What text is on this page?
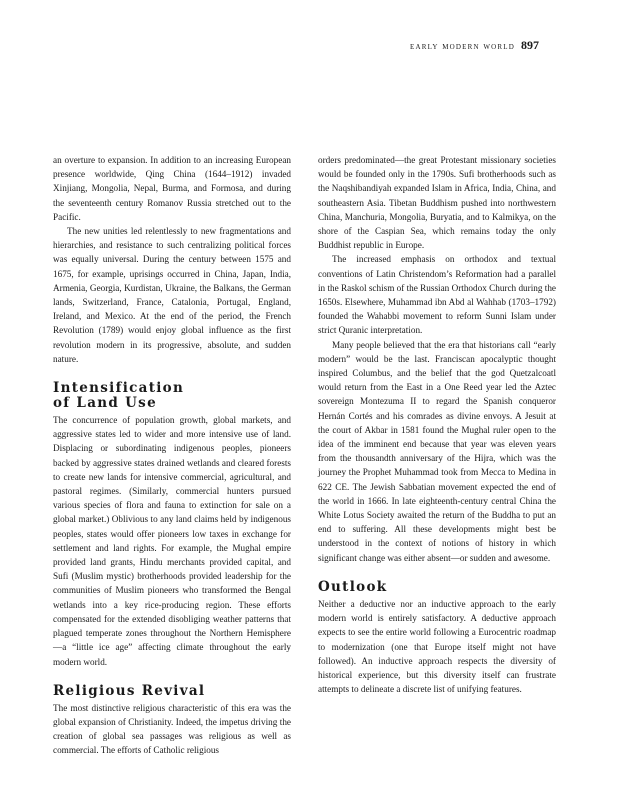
early modern world 897

an overture to expansion. In addition to an increasing European presence worldwide, Qing China (1644–1912) invaded Xinjiang, Mongolia, Nepal, Burma, and Formosa, and during the seventeenth century Romanov Russia stretched out to the Pacific.

The new unities led relentlessly to new fragmentations and hierarchies, and resistance to such centralizing political forces was equally universal. During the century between 1575 and 1675, for example, uprisings occurred in China, Japan, India, Armenia, Georgia, Kurdistan, Ukraine, the Balkans, the German lands, Switzerland, France, Catalonia, Portugal, England, Ireland, and Mexico. At the end of the period, the French Revolution (1789) would enjoy global influence as the first revolution modern in its progressive, absolute, and sudden nature.

Intensification of Land Use

The concurrence of population growth, global markets, and aggressive states led to wider and more intensive use of land. Displacing or subordinating indigenous peoples, pioneers backed by aggressive states drained wetlands and cleared forests to create new lands for intensive commercial, agricultural, and pastoral regimes. (Similarly, commercial hunters pursued various species of flora and fauna to extinction for sale on a global market.) Oblivious to any land claims held by indigenous peoples, states would offer pioneers low taxes in exchange for settlement and land rights. For example, the Mughal empire provided land grants, Hindu merchants provided capital, and Sufi (Muslim mystic) brotherhoods provided leadership for the communities of Muslim pioneers who transformed the Bengal wetlands into a key rice-producing region. These efforts compensated for the extended disobliging weather patterns that plagued temperate zones throughout the Northern Hemisphere—a “little ice age” affecting climate throughout the early modern world.

Religious Revival

The most distinctive religious characteristic of this era was the global expansion of Christianity. Indeed, the impetus driving the creation of global sea passages was religious as well as commercial. The efforts of Catholic religious

orders predominated—the great Protestant missionary societies would be founded only in the 1790s. Sufi brotherhoods such as the Naqshibandiyah expanded Islam in Africa, India, China, and southeastern Asia. Tibetan Buddhism pushed into northwestern China, Manchuria, Mongolia, Buryatia, and to Kalmikya, on the shore of the Caspian Sea, which remains today the only Buddhist republic in Europe.

The increased emphasis on orthodox and textual conventions of Latin Christendom’s Reformation had a parallel in the Raskol schism of the Russian Orthodox Church during the 1650s. Elsewhere, Muhammad ibn Abd al Wahhab (1703–1792) founded the Wahabbi movement to reform Sunni Islam under strict Quranic interpretation.

Many people believed that the era that historians call “early modern” would be the last. Franciscan apocalyptic thought inspired Columbus, and the belief that the god Quetzalcoatl would return from the East in a One Reed year led the Aztec sovereign Montezuma II to regard the Spanish conqueror Hernán Cortés and his comrades as divine envoys. A Jesuit at the court of Akbar in 1581 found the Mughal ruler open to the idea of the imminent end because that year was eleven years from the thousandth anniversary of the Hijra, which was the journey the Prophet Muhammad took from Mecca to Medina in 622 CE. The Jewish Sabbatian movement expected the end of the world in 1666. In late eighteenth-century central China the White Lotus Society awaited the return of the Buddha to put an end to suffering. All these developments might best be understood in the context of notions of history in which significant change was either absent—or sudden and awesome.

Outlook

Neither a deductive nor an inductive approach to the early modern world is entirely satisfactory. A deductive approach expects to see the entire world following a Eurocentric roadmap to modernization (one that Europe itself might not have followed). An inductive approach respects the diversity of historical experience, but this diversity itself can frustrate attempts to delineate a discrete list of unifying features.
